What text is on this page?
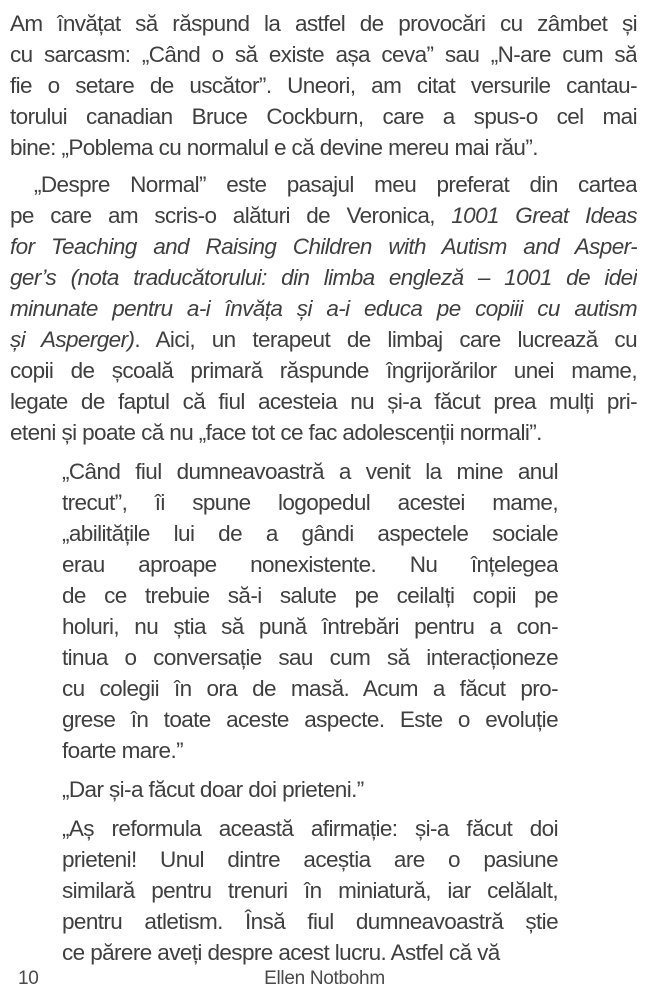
Am învățat să răspund la astfel de provocări cu zâmbet și
cu sarcasm: „Când o să existe așa ceva” sau „N-are cum să
fie o setare de uscător”. Uneori, am citat versurile cantau-
torului canadian Bruce Cockburn, care a spus-o cel mai
bine: „Poblema cu normalul e că devine mereu mai rău”.
„Despre Normal” este pasajul meu preferat din cartea
pe care am scris-o alături de Veronica, 1001 Great Ideas
for Teaching and Raising Children with Autism and Asper-
ger’s (nota traducătorului: din limba engleză – 1001 de idei
minunate pentru a-i învăța și a-i educa pe copiii cu autism
și Asperger). Aici, un terapeut de limbaj care lucrează cu
copii de școală primară răspunde îngrijorărilor unei mame,
legate de faptul că fiul acesteia nu și-a făcut prea mulți pri-
eteni și poate că nu „face tot ce fac adolescenții normali”.
„Când fiul dumneavoastră a venit la mine anul
trecut”, îi spune logopedul acestei mame,
„abilitățile lui de a gândi aspectele sociale
erau aproape nonexistente. Nu înțelegea
de ce trebuie să-i salute pe ceilalți copii pe
holuri, nu știa să pună întrebări pentru a con-
tinua o conversație sau cum să interacționeze
cu colegii în ora de masă. Acum a făcut pro-
grese în toate aceste aspecte. Este o evoluție
foarte mare.”
„Dar și-a făcut doar doi prieteni.”
„Aș reformula această afirmație: și-a făcut doi
prieteni! Unul dintre aceștia are o pasiune
similară pentru trenuri în miniatură, iar celălalt,
pentru atletism. Însă fiul dumneavoastră știe
ce părere aveți despre acest lucru. Astfel că vă
10	Ellen Notbohm
